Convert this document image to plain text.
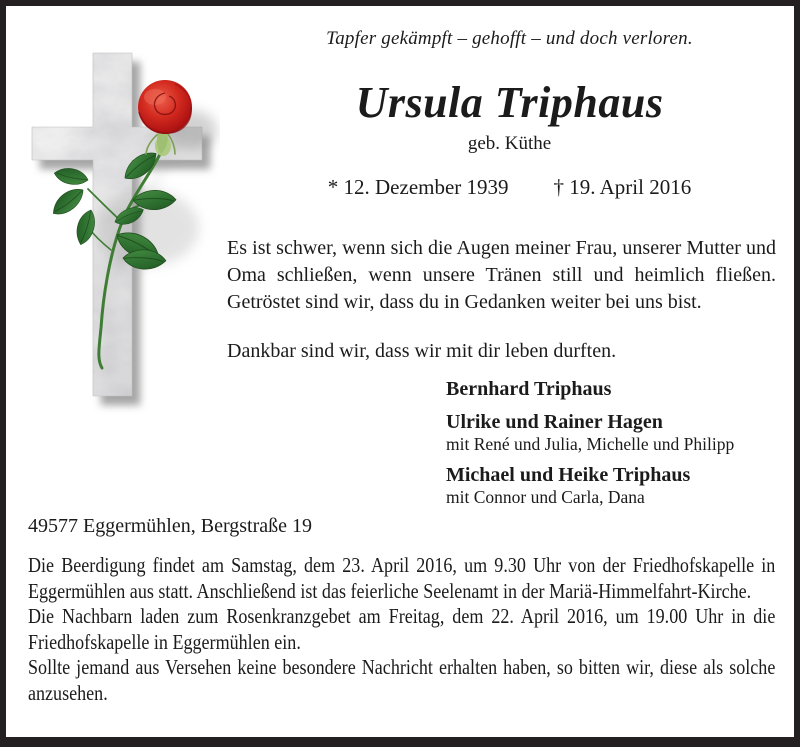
Tapfer gekämpft – gehofft – und doch verloren.
Ursula Triphaus
geb. Küthe
* 12. Dezember 1939 † 19. April 2016

Es ist schwer, wenn sich die Augen meiner Frau, unserer Mutter und Oma schließen, wenn unsere Tränen still und heimlich fließen. Getröstet sind wir, dass du in Gedanken weiter bei uns bist.

Dankbar sind wir, dass wir mit dir leben durften.

Bernhard Triphaus
Ulrike und Rainer Hagen
mit René und Julia, Michelle und Philipp
Michael und Heike Triphaus
mit Connor und Carla, Dana
49577 Eggermühlen, Bergstraße 19

Die Beerdigung findet am Samstag, dem 23. April 2016, um 9.30 Uhr von der Friedhofskapelle in Eggermühlen aus statt. Anschließend ist das feierliche Seelenamt in der Mariä-Himmelfahrt-Kirche.

Die Nachbarn laden zum Rosenkranzgebet am Freitag, dem 22. April 2016, um 19.00 Uhr in die Friedhofskapelle in Eggermühlen ein.

Sollte jemand aus Versehen keine besondere Nachricht erhalten haben, so bitten wir, diese als solche anzusehen.
